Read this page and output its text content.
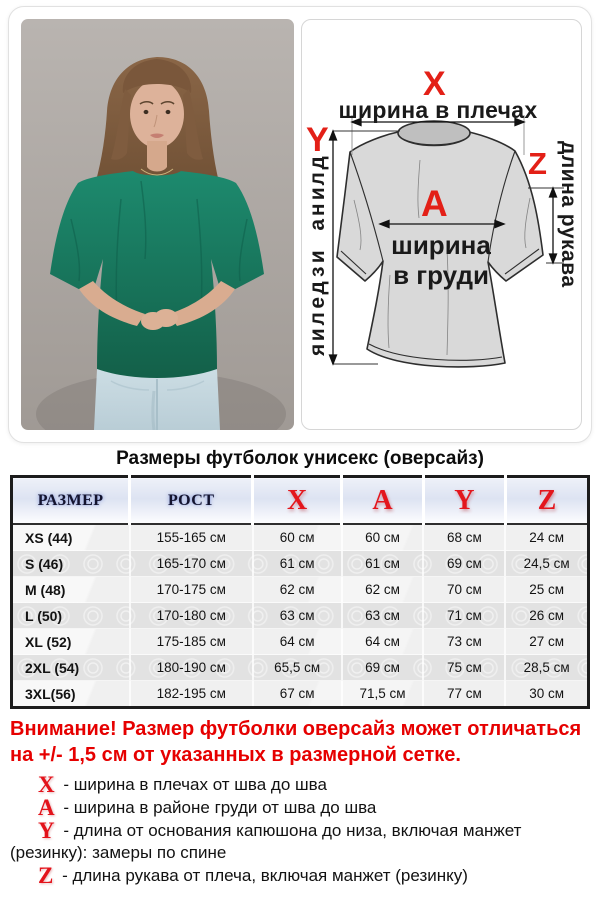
X
ширина в плечах
Y
д
л
и
н
а

и
з
д
е
л
и
я
A
ширина
в груди
Z длина рукава
Размеры футболок унисекс (оверсайз)
РАЗМЕР	РОСТ	X	A	Y	Z
XS (44)	155-165 см	60 см	60 см	68 см	24 см
S (46)	165-170 см	61 см	61 см	69 см	24,5 см
M (48)	170-175 см	62 см	62 см	70 см	25 см
L (50)	170-180 см	63 см	63 см	71 см	26 см
XL (52)	175-185 см	64 см	64 см	73 см	27 см
2XL (54)	180-190 см	65,5 см	69 см	75 см	28,5 см
3XL(56)	182-195 см	67 см	71,5 см	77 см	30 см

Внимание! Размер футболки оверсайз может отличаться на +/- 1,5 см от указанных в размерной сетке.

X - ширина в плечах от шва до шва

A - ширина в районе груди от шва до шва

Y - длина от основания капюшона до низа, включая манжет (резинку): замеры по спине

Z - длина рукава от плеча, включая манжет (резинку)
